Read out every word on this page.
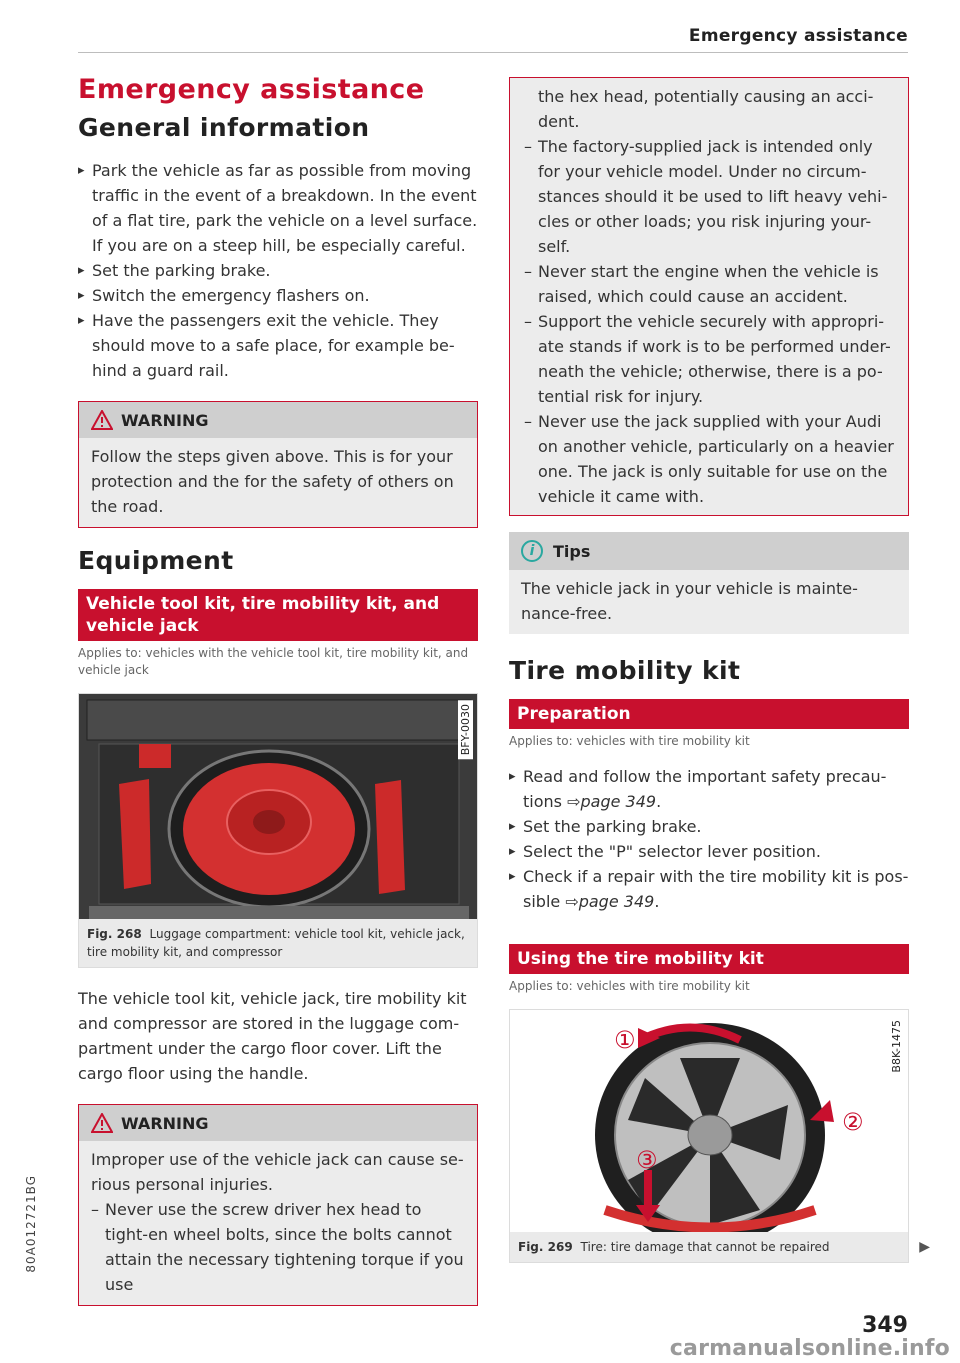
Emergency assistance
Emergency assistance
General information
▸ Park the vehicle as far as possible from moving traffic in the event of a breakdown. In the event of a flat tire, park the vehicle on a level surface. If you are on a steep hill, be especially careful.
▸ Set the parking brake.
▸ Switch the emergency flashers on.
▸ Have the passengers exit the vehicle. They should move to a safe place, for example be-hind a guard rail.
WARNING
Follow the steps given above. This is for your protection and the for the safety of others on the road.
Equipment
Vehicle tool kit, tire mobility kit, and vehicle jack
Applies to: vehicles with the vehicle tool kit, tire mobility kit, and vehicle jack
BFY-0030
Fig. 268 Luggage compartment: vehicle tool kit, vehicle jack, tire mobility kit, and compressor

The vehicle tool kit, vehicle jack, tire mobility kit and compressor are stored in the luggage com-partment under the cargo floor cover. Lift the cargo floor using the handle.

WARNING
Improper use of the vehicle jack can cause se-rious personal injuries.
– Never use the screw driver hex head to tight-en wheel bolts, since the bolts cannot attain the necessary tightening torque if you use
the hex head, potentially causing an acci-dent.
– The factory-supplied jack is intended only for your vehicle model. Under no circum-stances should it be used to lift heavy vehi-cles or other loads; you risk injuring your-self.
– Never start the engine when the vehicle is raised, which could cause an accident.
– Support the vehicle securely with appropri-ate stands if work is to be performed under-neath the vehicle; otherwise, there is a po-tential risk for injury.
– Never use the jack supplied with your Audi on another vehicle, particularly on a heavier one. The jack is only suitable for use on the vehicle it came with.
i	Tips
The vehicle jack in your vehicle is mainte-nance-free.
Tire mobility kit
Preparation
Applies to: vehicles with tire mobility kit
▸ Read and follow the important safety precau-tions ⇨page 349.
▸ Set the parking brake.
▸ Select the "P" selector lever position.
▸ Check if a repair with the tire mobility kit is pos-sible ⇨page 349.
Using the tire mobility kit
Applies to: vehicles with tire mobility kit
①
②
③
B8K-1475
Fig. 269 Tire: tire damage that cannot be repaired	▶
349
80A012721BG
carmanualsonline.info
